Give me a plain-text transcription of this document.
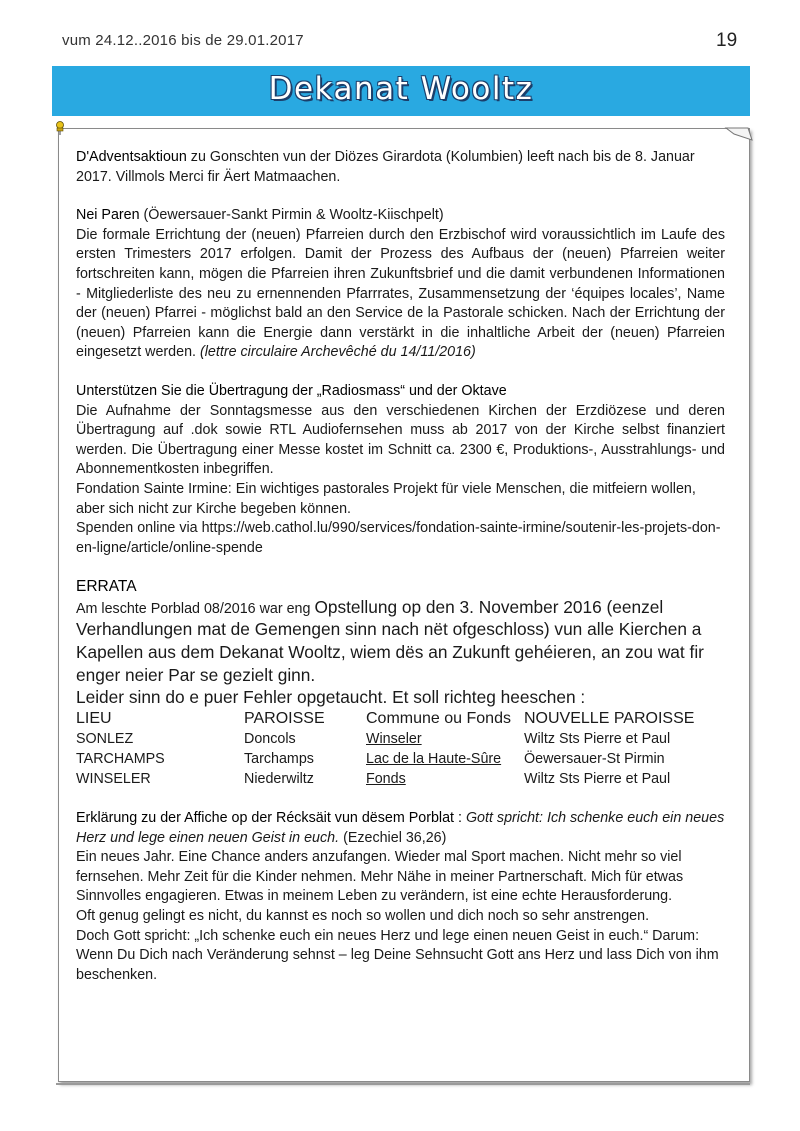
vum 24.12..2016 bis de 29.01.2017	19
Dekanat Wooltz
D'Adventsaktioun zu Gonschten vun der Diözes Girardota (Kolumbien) leeft nach bis de 8. Januar 2017. Villmols Merci fir Äert Matmaachen.
Nei Paren (Öewersauer-Sankt Pirmin & Wooltz-Kiischpelt)
Die formale Errichtung der (neuen) Pfarreien durch den Erzbischof wird voraussichtlich im Laufe des ersten Trimesters 2017 erfolgen. Damit der Prozess des Aufbaus der (neuen) Pfarreien weiter fortschreiten kann, mögen die Pfarreien ihren Zukunftsbrief und die damit verbundenen Informationen - Mitgliederliste des neu zu ernennenden Pfarrrates, Zusammensetzung der ‘équipes locales’, Name der (neuen) Pfarrei - möglichst bald an den Service de la Pastorale schicken. Nach der Errichtung der (neuen) Pfarreien kann die Energie dann verstärkt in die inhaltliche Arbeit der (neuen) Pfarreien eingesetzt werden. (lettre circulaire Archevêché du 14/11/2016)
Unterstützen Sie die Übertragung der „Radiosmass“ und der Oktave
Die Aufnahme der Sonntagsmesse aus den verschiedenen Kirchen der Erzdiözese und deren Übertragung auf .dok sowie RTL Audiofernsehen muss ab 2017 von der Kirche selbst finanziert werden. Die Übertragung einer Messe kostet im Schnitt ca. 2300 €, Produktions-, Ausstrahlungs- und Abonnementkosten inbegriffen.
Fondation Sainte Irmine: Ein wichtiges pastorales Projekt für viele Menschen, die mitfeiern wollen, aber sich nicht zur Kirche begeben können.
Spenden online via https://web.cathol.lu/990/services/fondation-sainte-irmine/soutenir-les-projets-don-en-ligne/article/online-spende
ERRATA
Am leschte Porblad 08/2016 war eng Opstellung op den 3. November 2016 (eenzel Verhandlungen mat de Gemengen sinn nach nët ofgeschloss) vun alle Kierchen a Kapellen aus dem Dekanat Wooltz, wiem dës an Zukunft gehéieren, an zou wat fir enger neier Par se gezielt ginn.
Leider sinn do e puer Fehler opgetaucht. Et soll richteg heeschen :
LIEU	PAROISSE	Commune ou Fonds	NOUVELLE PAROISSE
SONLEZ	Doncols	Winseler	Wiltz Sts Pierre et Paul
TARCHAMPS	Tarchamps	Lac de la Haute-Sûre	Öewersauer-St Pirmin
WINSELER	Niederwiltz	Fonds	Wiltz Sts Pierre et Paul
Erklärung zu der Affiche op der Récksäit vun dësem Porblat : Gott spricht: Ich schenke euch ein neues Herz und lege einen neuen Geist in euch. (Ezechiel 36,26)
Ein neues Jahr. Eine Chance anders anzufangen. Wieder mal Sport machen. Nicht mehr so viel fernsehen. Mehr Zeit für die Kinder nehmen. Mehr Nähe in meiner Partnerschaft. Mich für etwas Sinnvolles engagieren. Etwas in meinem Leben zu verändern, ist eine echte Herausforderung.
Oft genug gelingt es nicht, du kannst es noch so wollen und dich noch so sehr anstrengen.
Doch Gott spricht: „Ich schenke euch ein neues Herz und lege einen neuen Geist in euch.“ Darum: Wenn Du Dich nach Veränderung sehnst – leg Deine Sehnsucht Gott ans Herz und lass Dich von ihm beschenken.
